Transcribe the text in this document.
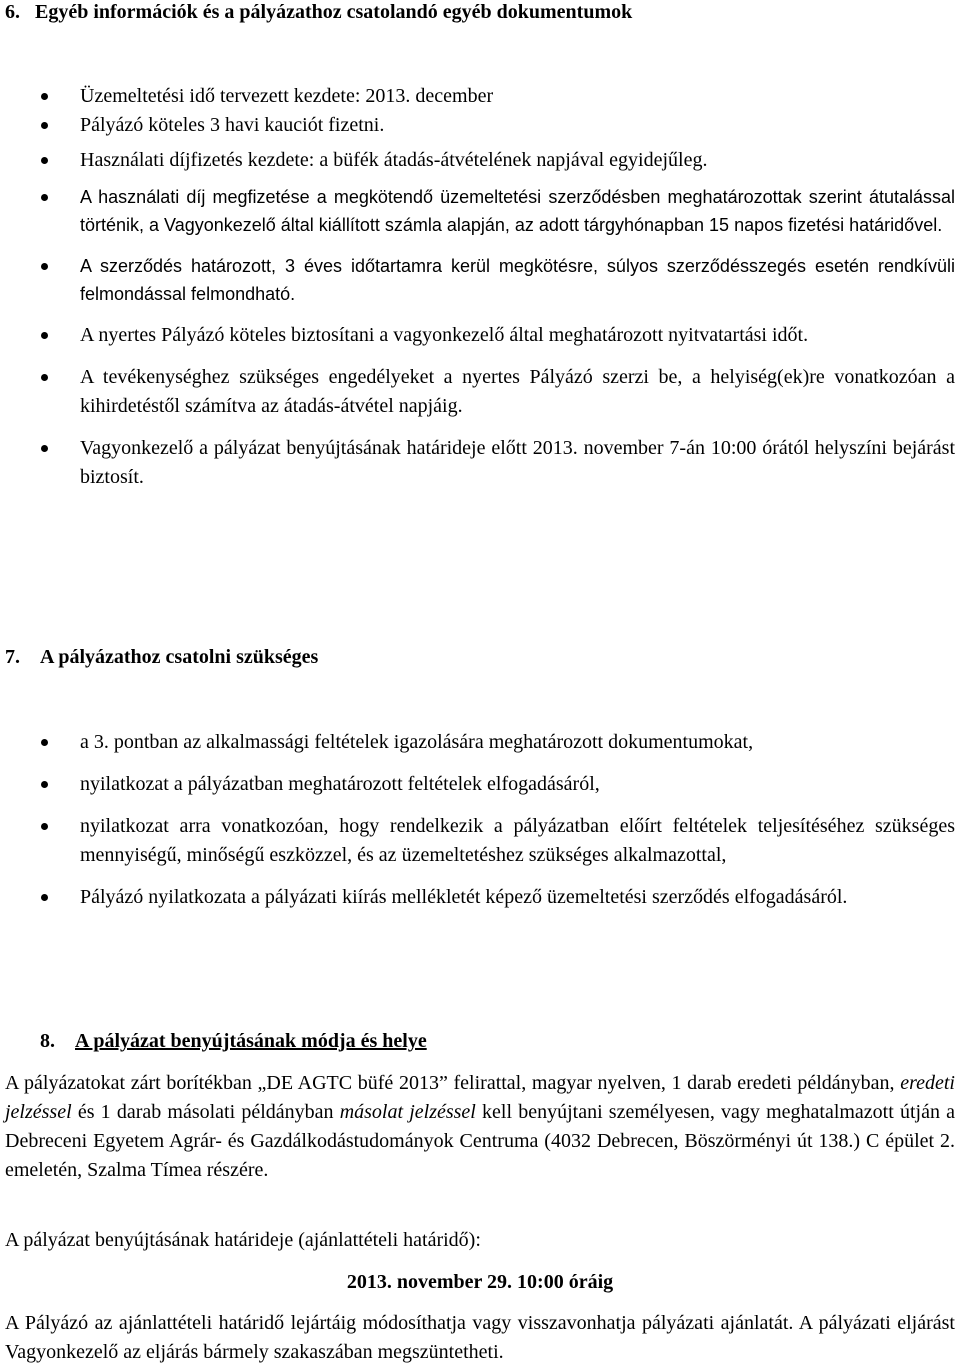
6. Egyéb információk és a pályázathoz csatolandó egyéb dokumentumok
Üzemeltetési idő tervezett kezdete: 2013. december
Pályázó köteles 3 havi kauciót fizetni.
Használati díjfizetés kezdete: a büfék átadás-átvételének napjával egyidejűleg.
A használati díj megfizetése a megkötendő üzemeltetési szerződésben meghatározottak szerint átutalással történik, a Vagyonkezelő által kiállított számla alapján, az adott tárgyhónapban 15 napos fizetési határidővel.
A szerződés határozott, 3 éves időtartamra kerül megkötésre, súlyos szerződésszegés esetén rendkívüli felmondással felmondható.
A nyertes Pályázó köteles biztosítani a vagyonkezelő által meghatározott nyitvatartási időt.
A tevékenységhez szükséges engedélyeket a nyertes Pályázó szerzi be, a helyiség(ek)re vonatkozóan a kihirdetéstől számítva az átadás-átvétel napjáig.
Vagyonkezelő a pályázat benyújtásának határideje előtt 2013. november 7-án 10:00 órától helyszíni bejárást biztosít.
7. A pályázathoz csatolni szükséges
a 3. pontban az alkalmassági feltételek igazolására meghatározott dokumentumokat,
nyilatkozat a pályázatban meghatározott feltételek elfogadásáról,
nyilatkozat arra vonatkozóan, hogy rendelkezik a pályázatban előírt feltételek teljesítéséhez szükséges mennyiségű, minőségű eszközzel, és az üzemeltetéshez szükséges alkalmazottal,
Pályázó nyilatkozata a pályázati kiírás mellékletét képező üzemeltetési szerződés elfogadásáról.
8. A pályázat benyújtásának módja és helye
A pályázatokat zárt borítékban „DE AGTC büfé 2013” felirattal, magyar nyelven, 1 darab eredeti példányban, eredeti jelzéssel és 1 darab másolati példányban másolat jelzéssel kell benyújtani személyesen, vagy meghatalmazott útján a Debreceni Egyetem Agrár- és Gazdálkodástudományok Centruma (4032 Debrecen, Böszörményi út 138.) C épület 2. emeletén, Szalma Tímea részére.
A pályázat benyújtásának határideje (ajánlattételi határidő):
2013. november 29. 10:00 óráig
A Pályázó az ajánlattételi határidő lejártáig módosíthatja vagy visszavonhatja pályázati ajánlatát. A pályázati eljárást Vagyonkezelő az eljárás bármely szakaszában megszüntetheti.
